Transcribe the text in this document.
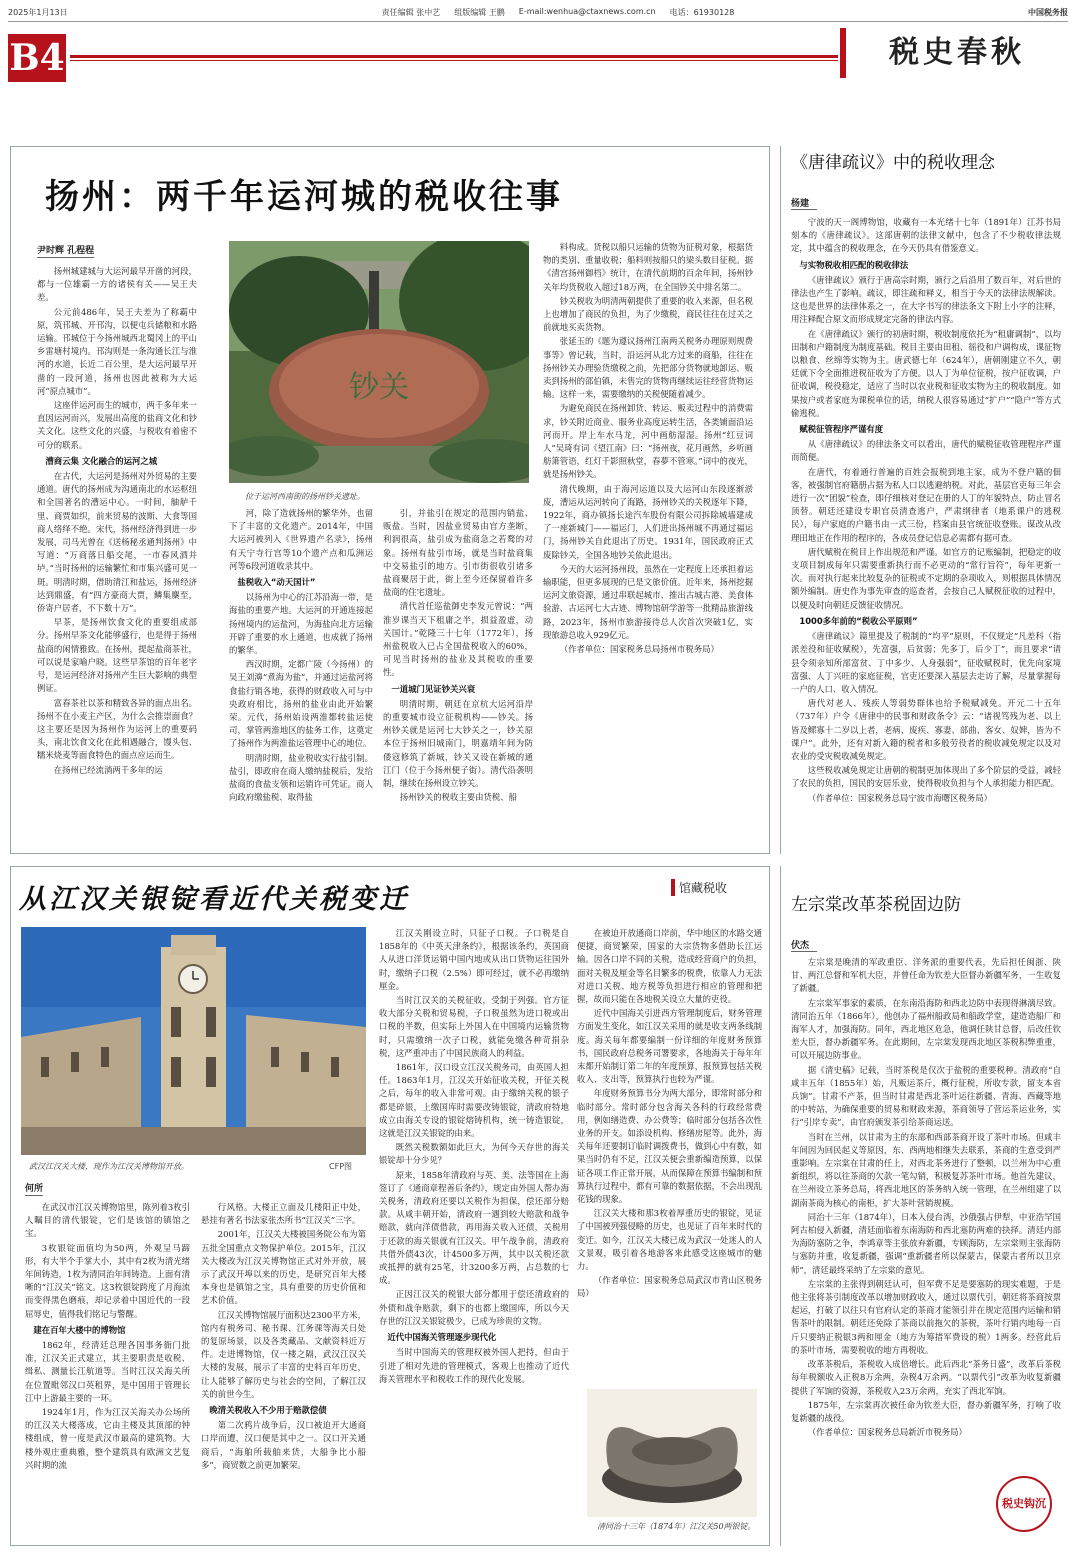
2025年1月13日	责任编辑 张中艺 组版编辑 王鹏 E-mail:wenhua@ctaxnews.com.cn 电话：61930128	中国税务报
B4	税史春秋
扬州：两千年运河城的税收往事
尹时辉 孔程程

扬州城建城与大运河最早开凿的河段，都与一位雄霸一方的诸侯有关——吴王夫差。

公元前486年，吴王夫差为了称霸中原，筑邗城、开邗沟，以便屯兵储粮和水路运输。邗城位于今扬州城西北蜀冈上的平山乡雷塘村境内。邗沟则是一条沟通长江与淮河的水道，长近二百公里，是大运河最早开凿的一段河道，扬州也因此被称为大运河“原点城市”。

这座伴运河而生的城市，两千多年来一直因运河而兴，发展出高度的盐商文化和钞关文化。这些文化的兴盛，与税收有着密不可分的联系。

漕商云集 文化融合的运河之城

在古代，大运河是扬州对外贸易的主要通道。唐代的扬州成为沟通南北的水运枢纽和全国著名的漕运中心。一时间，舳舻千里、商贾如织，前来贸易的波斯、大食等国商人络绎不绝。宋代，扬州经济得到进一步发展，司马光曾在《送杨秘丞通判扬州》中写道：“万商落日船交尾，一市春风酒并垆。”当时扬州的运输繁忙和市集兴盛可见一斑。明清时期，借助清江和盐运，扬州经济达到鼎盛，有“四方豪商大贾，鳞集麇至，侨寄户居者，不下数十万”。

早茶，是扬州饮食文化的重要组成部分。扬州早茶文化能够盛行，也是得于扬州盐商的闲情雅致。在扬州，提起盐商茶社，可以说是家喻户晓。这些早茶馆的百年老字号，是运河经济对扬州产生巨大影响的典型例证。

富春茶社以茶和精致各异的面点出名。扬州不在小麦主产区，为什么会推崇面食？这主要还是因为扬州作为运河上的重要码头，南北饮食文化在此相遇融合，馒头包、糯米烧麦等面食特色的面点应运而生。

在扬州已经流淌两千多年的运

钞关
位于运河西南街的扬州钞关遗址。

河，除了造就扬州的繁华外，也留下了丰富的文化遗产。2014年，中国大运河被列入《世界遗产名录》，扬州有天宁寺行宫等10个遗产点和瓜洲运河等6段河道收录其中。

盐税收入“动天国计”

以扬州为中心的江苏沿海一带，是海盐的重要产地。大运河的开通连接起扬州境内的运盐河，为海盐向北方运输开辟了重要的水上通道，也成就了扬州的繁华。

西汉时期，定都广陵（今扬州）的吴王刘濞“煮海为盐”，并通过运盐河将食盐行销各地，获得的财政收入可与中央政府相比，扬州的盐业由此开始繁荣。元代，扬州始设两淮都转盐运使司，掌管两淮地区的盐务工作，这奠定了扬州作为两淮盐运管理中心的地位。

明清时期，盐业税收实行盐引制。盐引，即政府在商人缴纳盐税后，发给盐商的食盐支领和运销许可凭证。商人向政府缴盐税、取得盐

引，并盐引在规定的范围内销盐、贩盐。当时，因盐业贸易由官方垄断，利润很高，盐引成为盐商急之若鹜的对象。扬州有盐引市场，就是当时盐商集中交易盐引的地方。引市街很收引诸多盐商聚居于此，街上至今还保留着许多盐商的住宅遗址。

清代首任巡盐御史李发元曾说：“两淮岁课当天下租庸之半，损益盈虚，动关国计。”乾隆三十七年（1772年），扬州盐税收入已占全国盐税收入的60%，可见当时扬州的盐业及其税收的重要性。

一道城门见证钞关兴衰

明清时期，朝廷在京杭大运河沿岸的重要城市设立征税机构——钞关。扬州钞关就是运河七大钞关之一，钞关原本位于扬州旧城南门，明嘉靖年间为防倭寇修筑了新城，钞关又设在新城的通江门（位于今扬州便子街）。清代沿袭明制，继续在扬州设立钞关。

扬州钞关的税收主要由货税、船

料构成。货税以船只运输的货物为征税对象，根据货物的类别、重量收税；船料则按船只的梁头数目征税。据《清宫扬州御档》统计，在清代前期的百余年间，扬州钞关年均货税收入超过18万两，在全国钞关中排名第二。

钞关税收为明清两朝提供了重要的收入来源，但名税上也增加了商民的负担，为了少缴税，商民往往在过关之前就地买卖货物。

张延玉的《题为遵议扬州江南两关税务办理原则规费事等》曾记载，当时，沿运河从北方过来的商船，往往在扬州钞关办理验货缴税之前，先把部分货物就地卸运、贩卖到扬州的邵伯镇，未售完的货物再继续运往经营货物运输。这样一来，需要缴纳的关税便随着减少。

为避免商民在扬州卸货、转运、贩卖过程中的消费需求，钞关附近商业、服务业高度运转生活，各类铺面沿运河而开。岸上车水马龙，河中画舫湿湿。扬州“红豆词人”吴琦有词《望江南》曰：“扬州夜，花月画然，乡听画舫箫管语，红灯千影照秋堂，春夢不管寒。”词中的夜光，就是扬州钞关。

清代晚期，由于海河运道以及大运河山东段逐渐淤废，漕运从运河转向了海路，扬州钞关的关税逐年下降，1922年，商办镇扬长途汽车股份有限公司拆除城墙建成了一座新城门——福运门，人们进出扬州城不再通过福运门，扬州钞关自此退出了历史。1931年，国民政府正式废除钞关，全国各地钞关依此退出。

今天的大运河扬州段，虽然在一定程度上还承担着运输职能，但更多展现的已是文旅价值。近年来，扬州挖掘运河文旅资源，通过串联起城市、推出古城古港、美食体验游、古运河七大古迹、博物馆研学游等一批精品旅游线路，2023年，扬州市旅游接待总人次首次突破1亿，实现旅游总收入929亿元。

（作者单位：国家税务总局扬州市税务局）

《唐律疏议》中的税收理念
杨建

宁波的天一阁博物馆，收藏有一本光绪十七年（1891年）江苏书局刻本的《唐律疏议》。这部唐朝的法律文献中，包含了不少税收律法规定，其中蕴含的税收理念，在今天仍具有借鉴意义。

与实物税收相匹配的税收律法

《唐律疏议》颁行于唐高宗时期，颁行之后沿用了数百年，对后世的律法也产生了影响。疏议，即注疏和释义，相当于今天的法律法规解读。这也是世界的法律体系之一，在大字书写的律法条文下附上小字的注释，用注释配合原文而形成规定完备的律法内容。

在《唐律疏议》颁行的初唐时期，税收制度依托为“租庸调制”，以均田制和户籍制度为制度基础。税目主要由田租、徭役和户调构成，课征物以粮食、丝绵等实物为主。唐武德七年（624年），唐朝刚建立不久，朝廷就下令全面推进税征收为了方便。以人丁为单位征税，按户征收调，户征收调，税役稳定，适应了当时以农业税和征收实物为主的税收制度。如果按户或者家庭为课税单位的话，纳税人很容易通过“扩户”“隐户”等方式偷逃税。

赋税征管程序严谨有度

从《唐律疏议》的律法条文可以看出，唐代的赋税征收管理程序严谨而简便。

在唐代，有着通行普遍的百姓会报税到地主家，成为不登户籍的佃客，被强制官府籍册占据为私人口以逃避纳税。对此，基层官吏每三年会进行一次“团貌”检查，即仔细核对登记在册的人丁的年貌特点，防止冒名顶替。朝廷还建设专职官员清查逃户，严肃纲律者（地系课户的逃税民），每户家庭的户籍书由一式三份，档案由县官统征收登账。谋改从改理田地正在作用的程序的，各成员登记信息必需都有据可查。

唐代赋税在税目上作出规范和严谨。如官方的记账编制，把稳定的收支项目制成每年只需要重新执行而不必更动的“常行旨符”，每年更新一次。而对执行起来比较复杂的征税或不定期的杂项收入，则根据具体情况额外编制。唐史作为事先审查的巡查者，会按自己人赋税征收的过程中，以便及时向朝廷反馈征收情况。

1000多年前的“税收公平原则”

《唐律疏议》篇里提及了税制的“均平”原则，不仅规定“凡差科（指派差役和征收赋税），先富强，后贫弱；先多丁，后少丁”，而且要求“请县令须亲知所部富贫、丁中多少、人身强弱”，征收赋税时，优先向家境富强、人丁兴旺的家庭征税，官吏还要深入基层去走访了解，尽量掌握每一户的人口、收入情况。

唐代对老人、残疾人等弱势群体也给予税赋减免。开元二十五年（737年）户令《唐律中的民事和财政条令》云：“诸视笃残为老、以上皆及鳏寡十二岁以上者，老病、废疾、寡妻、部曲、客女、奴婢，皆为不课户”。此外，还有对新入籍的税者和多般劳役者的税收减免规定以及对农业的受灾税收减免规定。

这些税收减免规定让唐朝的税制更加体现出了多个阶层的受益，减轻了农民的负担，国民的安居乐业，使得税收负担与个人承担能力相匹配。

（作者单位：国家税务总局宁波市海曙区税务局）

从江汉关银锭看近代关税变迁	馆藏税收
武汉江汉关大楼，现作为江汉关博物馆开放。	CFP图
何所

在武汉市江汉关博物馆里，陈列着3枚引人瞩目的清代银锭，它们是该馆的镇馆之宝。

3枚银锭面值均为50两，外观呈马蹄形，有大半个手掌大小，其中有2枚为清光绪年间铸造，1枚为清同治年间铸造。上面有清晰的“江汉关”铭文。这3枚银锭跨度了月海流而变得黑色磨痕，却记录着中国近代的一段屈辱史，值得我们铭记与警醒。

建在百年大楼中的博物馆

1862年，经清廷总理各国事务衙门批准，江汉关正式建立，其主要职责是收税、缉私、测量长江航道等。当时江汉关海关所在位置毗邻汉口英租界，是中国用于管理长江中上游最主要的一环。

1924年1月，作为江汉关海关办公场所的江汉关大楼落成，它由主楼及其顶部的钟楼组成，曾一度是武汉市最高的建筑物。大楼外观庄重典雅，整个建筑具有欧洲文艺复兴时期的流

行风格。大楼正立面及几楼阳正中处，悬挂有著名书法家张杰所书“江汉关”三字。

2001年，江汉关大楼被国务院公布为第五批全国重点文物保护单位。2015年，江汉关大楼改为江汉关博物馆正式对外开放，展示了武汉开埠以来的历史，是研究百年大楼本身也是镇馆之宝，具有重要的历史价值和艺术价值。

江汉关博物馆展厅面积达2300平方米，馆内有税务司、秘书课、江务课等海关日处的复原场景，以及各类藏品、文献资料近万件。走进博物馆，仅一楼之隔，武汉江汉关大楼的发展，展示了丰富的史料百年历史，让人能够了解历史与社会的空间，了解江汉关的前世今生。

晚清关税收入不少用于赔款偿债

第二次鸦片战争后，汉口被迫开大通商口岸而遭，汉口便是其中之一。汉口开关通商后，“海舶所载舶来货，大船争比小船多”，商贸数之前更加繁荣。

江汉关刚设立时，只征子口税。子口税是自1858年的《中英天津条约》，根据该条约，英国商人从进口洋货运销中国内地或从出口货物运往国外时，缴纳子口税（2.5%）即可经过，就不必再缴纳厘金。

当时江汉关的关税征收，受制于列强。官方征收大部分关税和贸易税，子口税虽然为进口税或出口税的半数，但实际上外国人在中国境内运输货物时，只需缴纳一次子口税，就能免缴各种苛捐杂税，这严重冲击了中国民族商人的利益。

1861年，汉口设立江汉关税务司，由英国人担任。1863年1月，江汉关开始征收关税，开征关税之后，每年的收入非常可观。由于缴纳关税的银子都是碎银，上缴国库时需要改铸银锭，清政府特地成立由海关专设的银锭熔铸机构，统一铸造银锭，这就是江汉关银锭的由来。

既然关税数额如此巨大，为何今天存世的海关银锭却十分少见？

原来，1858年清政府与英、美、法等国在上海签订了《通商章程善后条约》，规定由外国人帮办海关税务，清政府还要以关税作为担保，偿还部分赔款。从咸丰朝开始，清政府一遇到较大赔款和战争赔款，就向洋债借款，再用海关收入还债，关税用于还款的海关银就有江汉关。甲午战争前，清政府共借外债43次，计4500多万两，其中以关税还款或抵押的就有25笔，计3200多万两，占总数的七成。

正因江汉关的税银大部分都用于偿还清政府的外债和战争赔款，剩下的也都上缴国库，所以今天存世的江汉关银锭极少，已成为珍贵的文物。

近代中国海关管理逐步现代化

当时中国海关的管理权被外国人把持，但由于引进了相对先进的管理模式，客观上也推动了近代海关管理水平和税收工作的现代化发展。

在被迫开放通商口岸前，华中地区的水路交通便捷，商贸繁荣，国家的大宗货物多借助长江运输。因各口岸不同的关税，造成经营商户的负担，面对关税及厘金等名目繁多的税费，依靠人力无法对进口关税、地方税等负担进行相应的管理和把握，故而只能在各地税关设立大量的吏役。

近代中国海关引进西方管理制度后，财务管理方面发生变化，如江汉关采用的就是收支两条线制度。海关每年都要编制一份详细的年度财务预算书，国民政府总税务司署要求，各地海关于每年年末都开始制订第二年的年度预算，报预算包括关税收入、支出等，预算执行也较为严谨。

年度财务预算书分为两大部分，即常时部分和临时部分。常时部分包含海关各科的行政经常费用，例如缮造费、办公费等；临时部分包括各次性业务的开支。如添设机构、修缮房屋等。此外，海关每年还要制订临时调拨费书，做到心中有数，如果当时仍有不足，江汉关便会重新编造预算，以保证各项工作正常开展，从而保障在预算书编制和预算执行过程中，都有可靠的数据依据，不会出现乱花钱的现象。

江汉关大楼和那3枚着厚重历史的银锭，见证了中国被列强侵略的历史，也见证了百年来时代的变迁。如今，江汉关大楼已成为武汉一处迷人的人文景观，吸引着各地游客来此感受这座城市的魅力。

（作者单位：国家税务总局武汉市青山区税务局）

清同治十三年（1874年）江汉关50两银锭。
左宗棠改革茶税固边防
伏杰

左宗棠是晚清的军政重臣、洋务派的重要代表，先后担任闽浙、陕甘、两江总督和军机大臣，并曾任命为钦差大臣督办新疆军务，一生收复了新疆。

左宗棠军事家的素质，在东南沿海防和西北边防中表现得淋漓尽致。清同治五年（1866年），他创办了福州船政局和船政学堂，建造造船厂和海军人才，加强海防。同年，西北地区危急，他调任陕甘总督，后改任钦差大臣，督办新疆军务。在此期间，左宗棠发现西北地区茶税积弊重重，可以开展边防事业。

据《清史稿》记载，当时茶税是仅次于盐税的重要税种。清政府“自咸丰五年（1855年）始，凡贩运茶斤，概行征税，所收专款，留支本省兵饷”。甘肃不产茶，但当时甘肃是西北茶叶运往新疆、青海、西藏等地的中转站，为确保重要的贸易和财政来源，茶商领导了营运茶运业务，实行“引岸专卖”，由官府颁发茶引给茶商运送。

当时在兰州，以甘肃为主的东部和西部茶商开设了茶叶市场。但咸丰年间因为回民起义等原因，东、西两地相继失去联系，茶商的生意受到严重影响。左宗棠在甘肃的任上，对西北茶务进行了整顿，以兰州为中心重新组织，将以往茶商的欠款一笔勾销，积极复苏茶叶市场。他首先建议，在兰州设立茶务总局，将西北地区的茶务纳入统一管理，在兰州组建了以湖南茶商为核心的南柜，扩大茶叶营销规模。

同治十三年（1874年），日本入侵台湾，沙俄强占伊犁，中亚浩罕国阿古柏侵入新疆，清廷面临着东南海防和西北塞防两难的抉择。清廷内部为海防塞防之争，李鸿章等主张放弃新疆，专顾海防，左宗棠则主张海防与塞防并重，收复新疆，强调“重新疆者所以保蒙古，保蒙古者所以卫京师”，清廷最终采纳了左宗棠的意见。

左宗棠的主张得到朝廷认可，但军费不足是要塞防的现实难题，于是他主张将茶引制度改革以增加财政收入，通过以票代引，朝廷将茶商按票起运，打破了以往只有官府认定的茶商才能领引并在规定范围内运输和销售茶叶的限制。朝廷还免除了茶商以前拖欠的茶税，茶叶行销内地每一百斤只要纳正税银3两和厘金（地方为筹措军费设的税）1两多。经营此后的茶叶市场，需要税收的地方再税收。

改革茶税后，茶税收入成倍增长。此后西北“茶务日盛”，改革后茶税每年税额收入正税8万余两，杂税4万余两。“以票代引”改革为收复新疆提供了军饷的资源，茶税收入23万余两，充实了西北军饷。

1875年，左宗棠再次被任命为钦差大臣，督办新疆军务，打响了收复新疆的战役。

（作者单位：国家税务总局新沂市税务局）

税史钩沉
